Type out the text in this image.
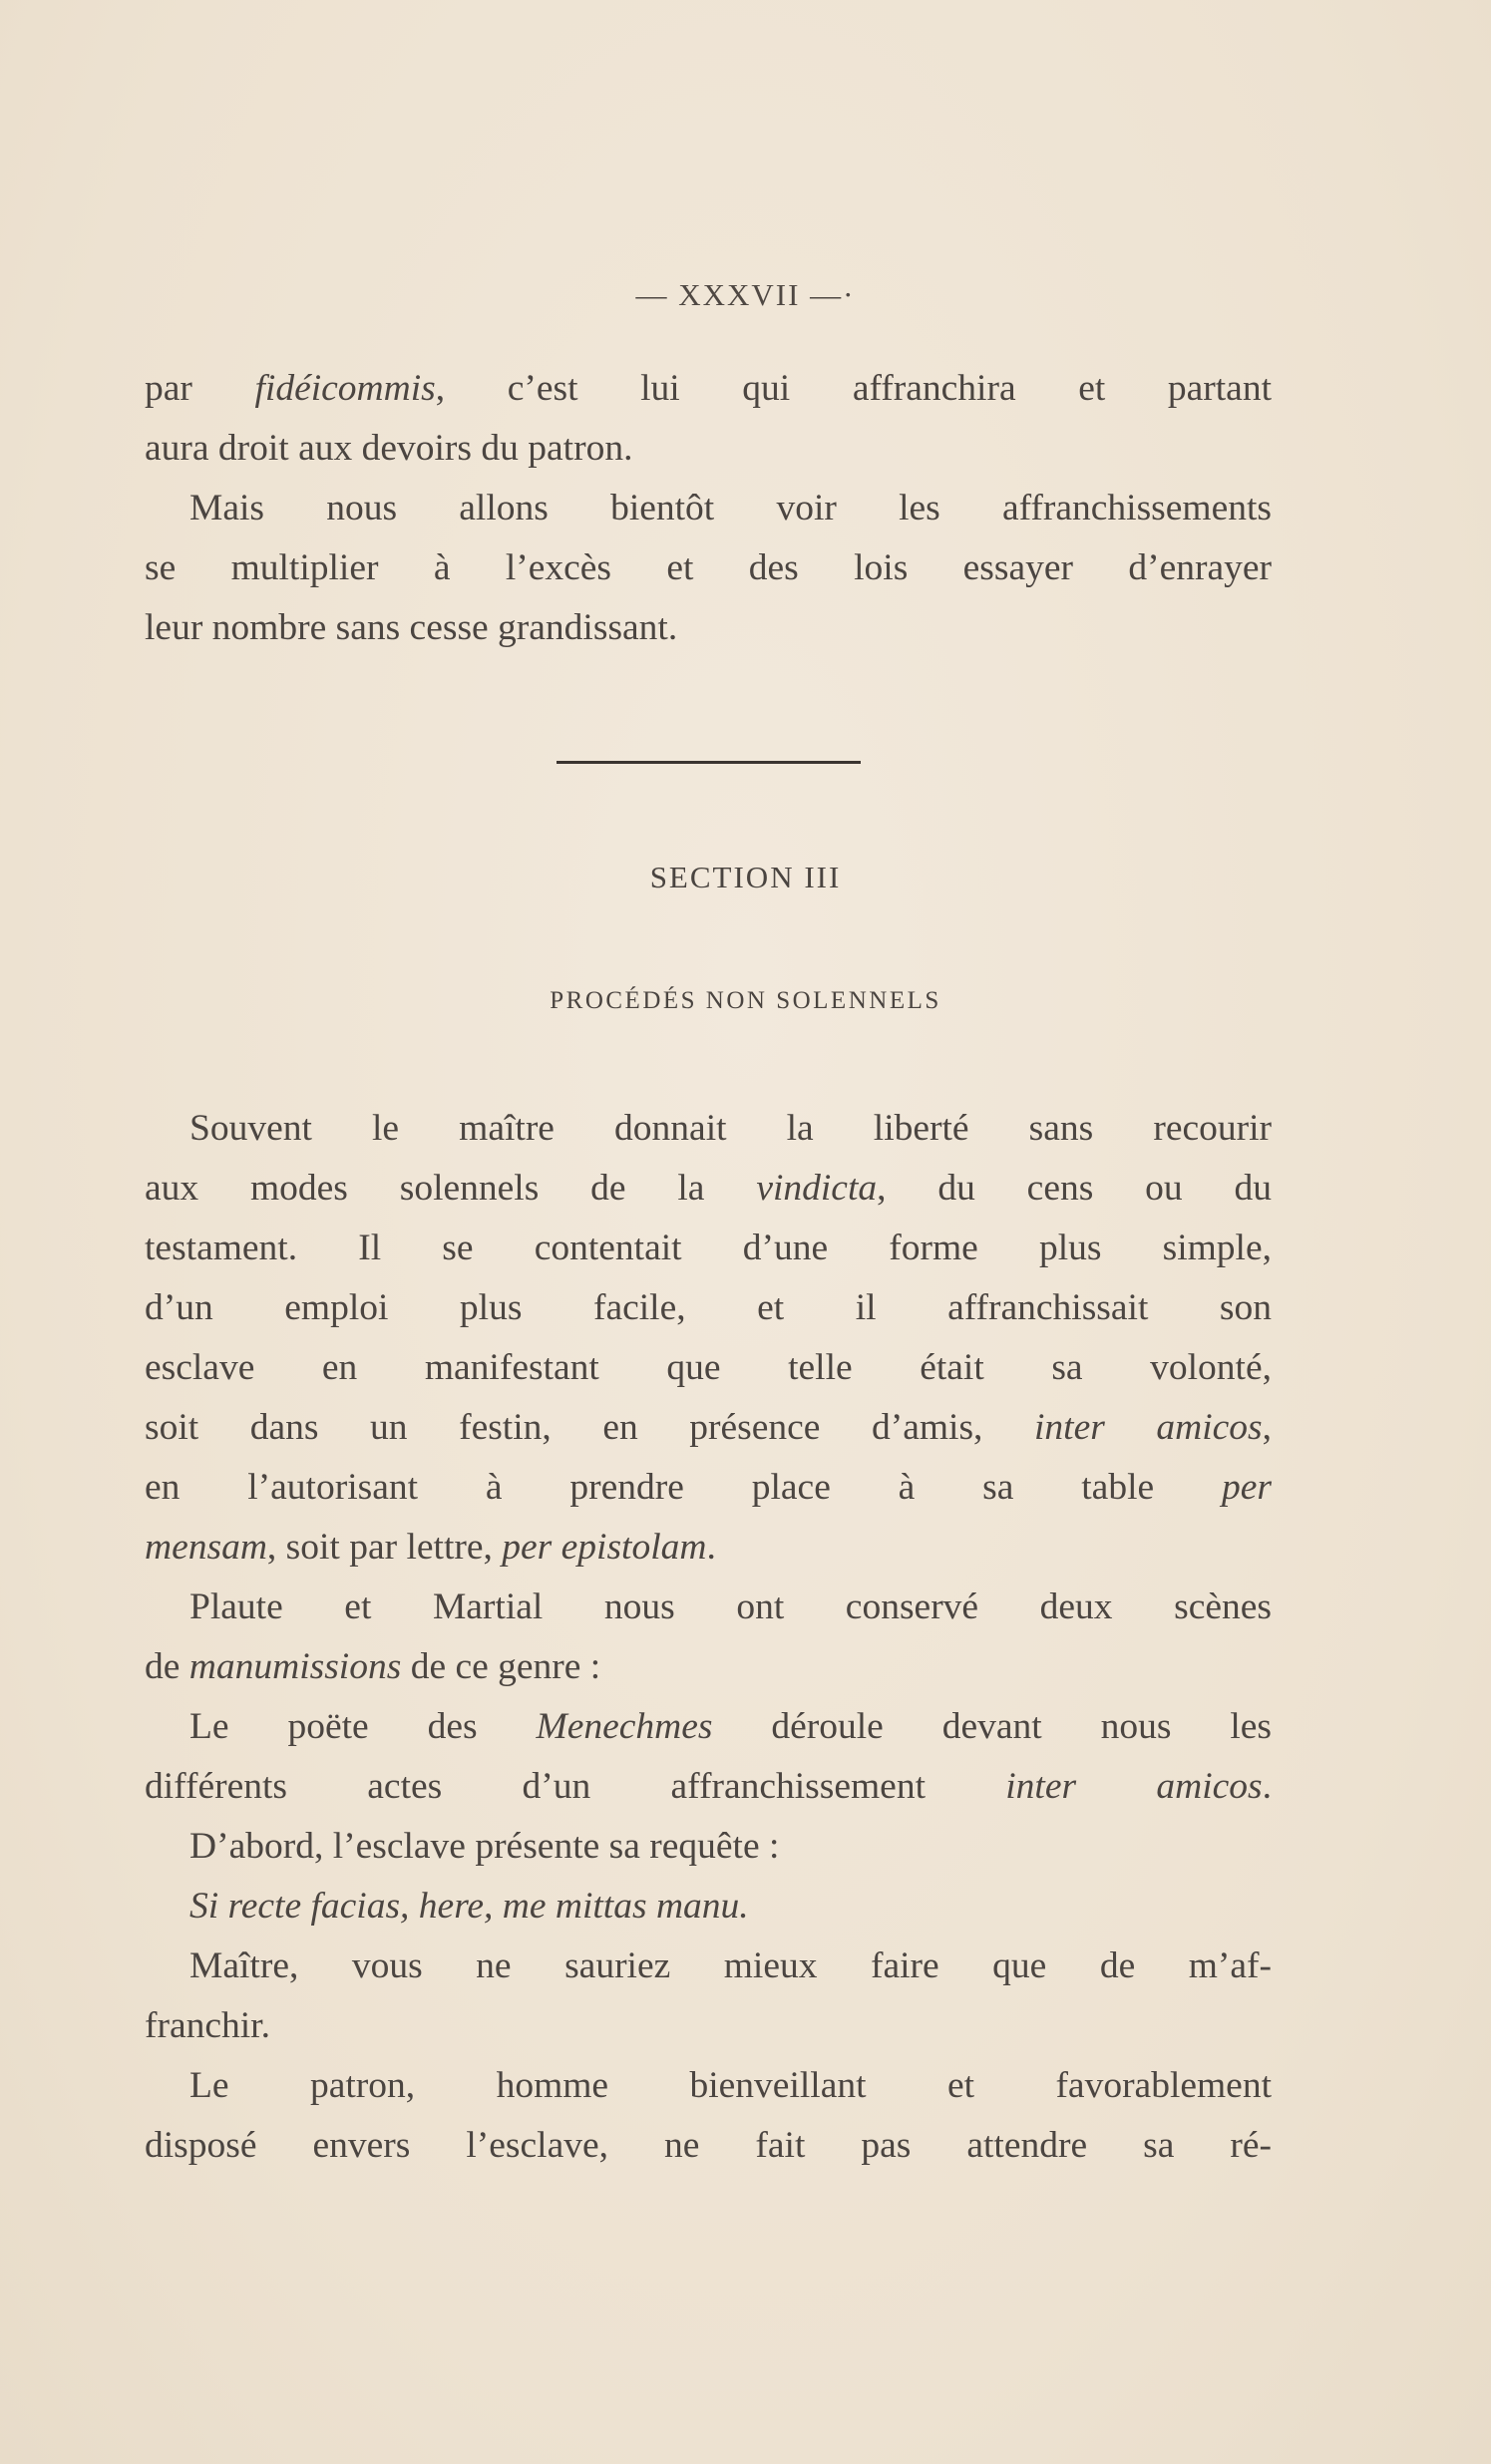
— XXXVII —·
par fidéicommis, c’est lui qui affranchira et partant
aura droit aux devoirs du patron.
Mais nous allons bientôt voir les affranchissements
se multiplier à l’excès et des lois essayer d’enrayer
leur nombre sans cesse grandissant.
SECTION III
PROCÉDÉS NON SOLENNELS
Souvent le maître donnait la liberté sans recourir
aux modes solennels de la vindicta, du cens ou du
testament. Il se contentait d’une forme plus simple,
d’un emploi plus facile, et il affranchissait son
esclave en manifestant que telle était sa volonté,
soit dans un festin, en présence d’amis, inter amicos,
en l’autorisant à prendre place à sa table per
mensam, soit par lettre, per epistolam.
Plaute et Martial nous ont conservé deux scènes
de manumissions de ce genre :
Le poëte des Menechmes déroule devant nous les
différents actes d’un affranchissement inter amicos.
D’abord, l’esclave présente sa requête :
Si recte facias, here, me mittas manu.
Maître, vous ne sauriez mieux faire que de m’af-
franchir.
Le patron, homme bienveillant et favorablement
disposé envers l’esclave, ne fait pas attendre sa ré-
